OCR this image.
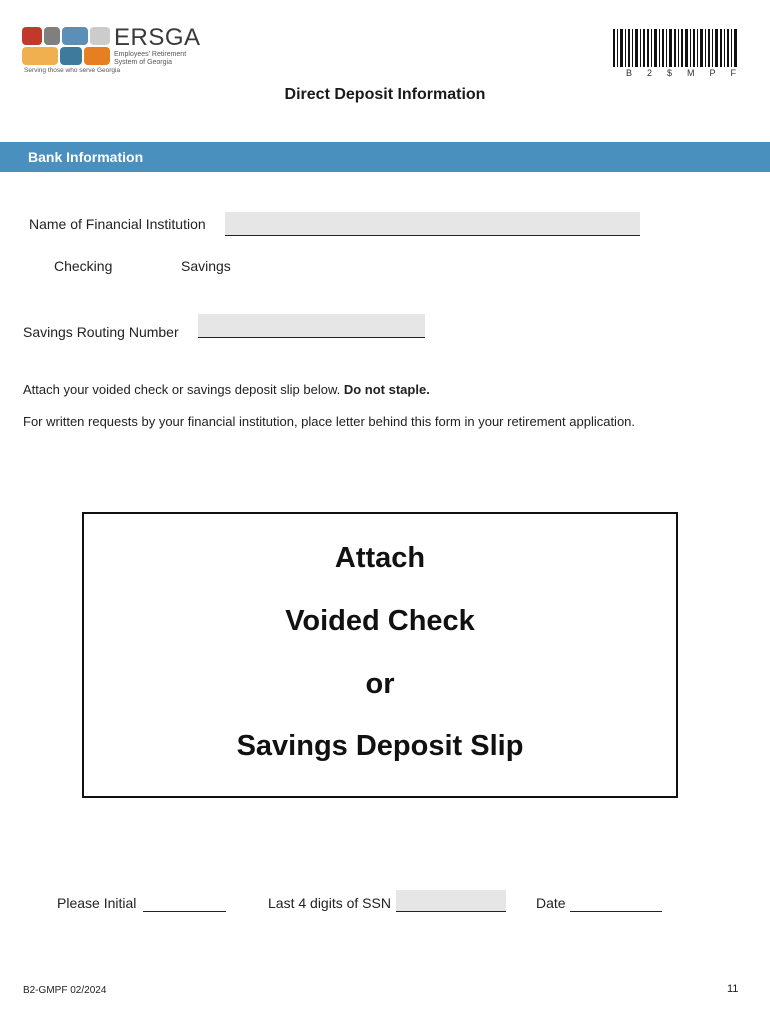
ERSGA
Employees' Retirement System of Georgia
Serving those who serve Georgia	B 2 $ M P F
Direct Deposit Information
Bank Information
Name of Financial Institution
Checking	Savings
Savings Routing Number
Attach your voided check or savings deposit slip below. Do not staple.
For written requests by your financial institution, place letter behind this form in your retirement application.
Attach
Voided Check
or
Savings Deposit Slip
Please Initial	Last 4 digits of SSN	Date
B2-GMPF 02/2024	11
